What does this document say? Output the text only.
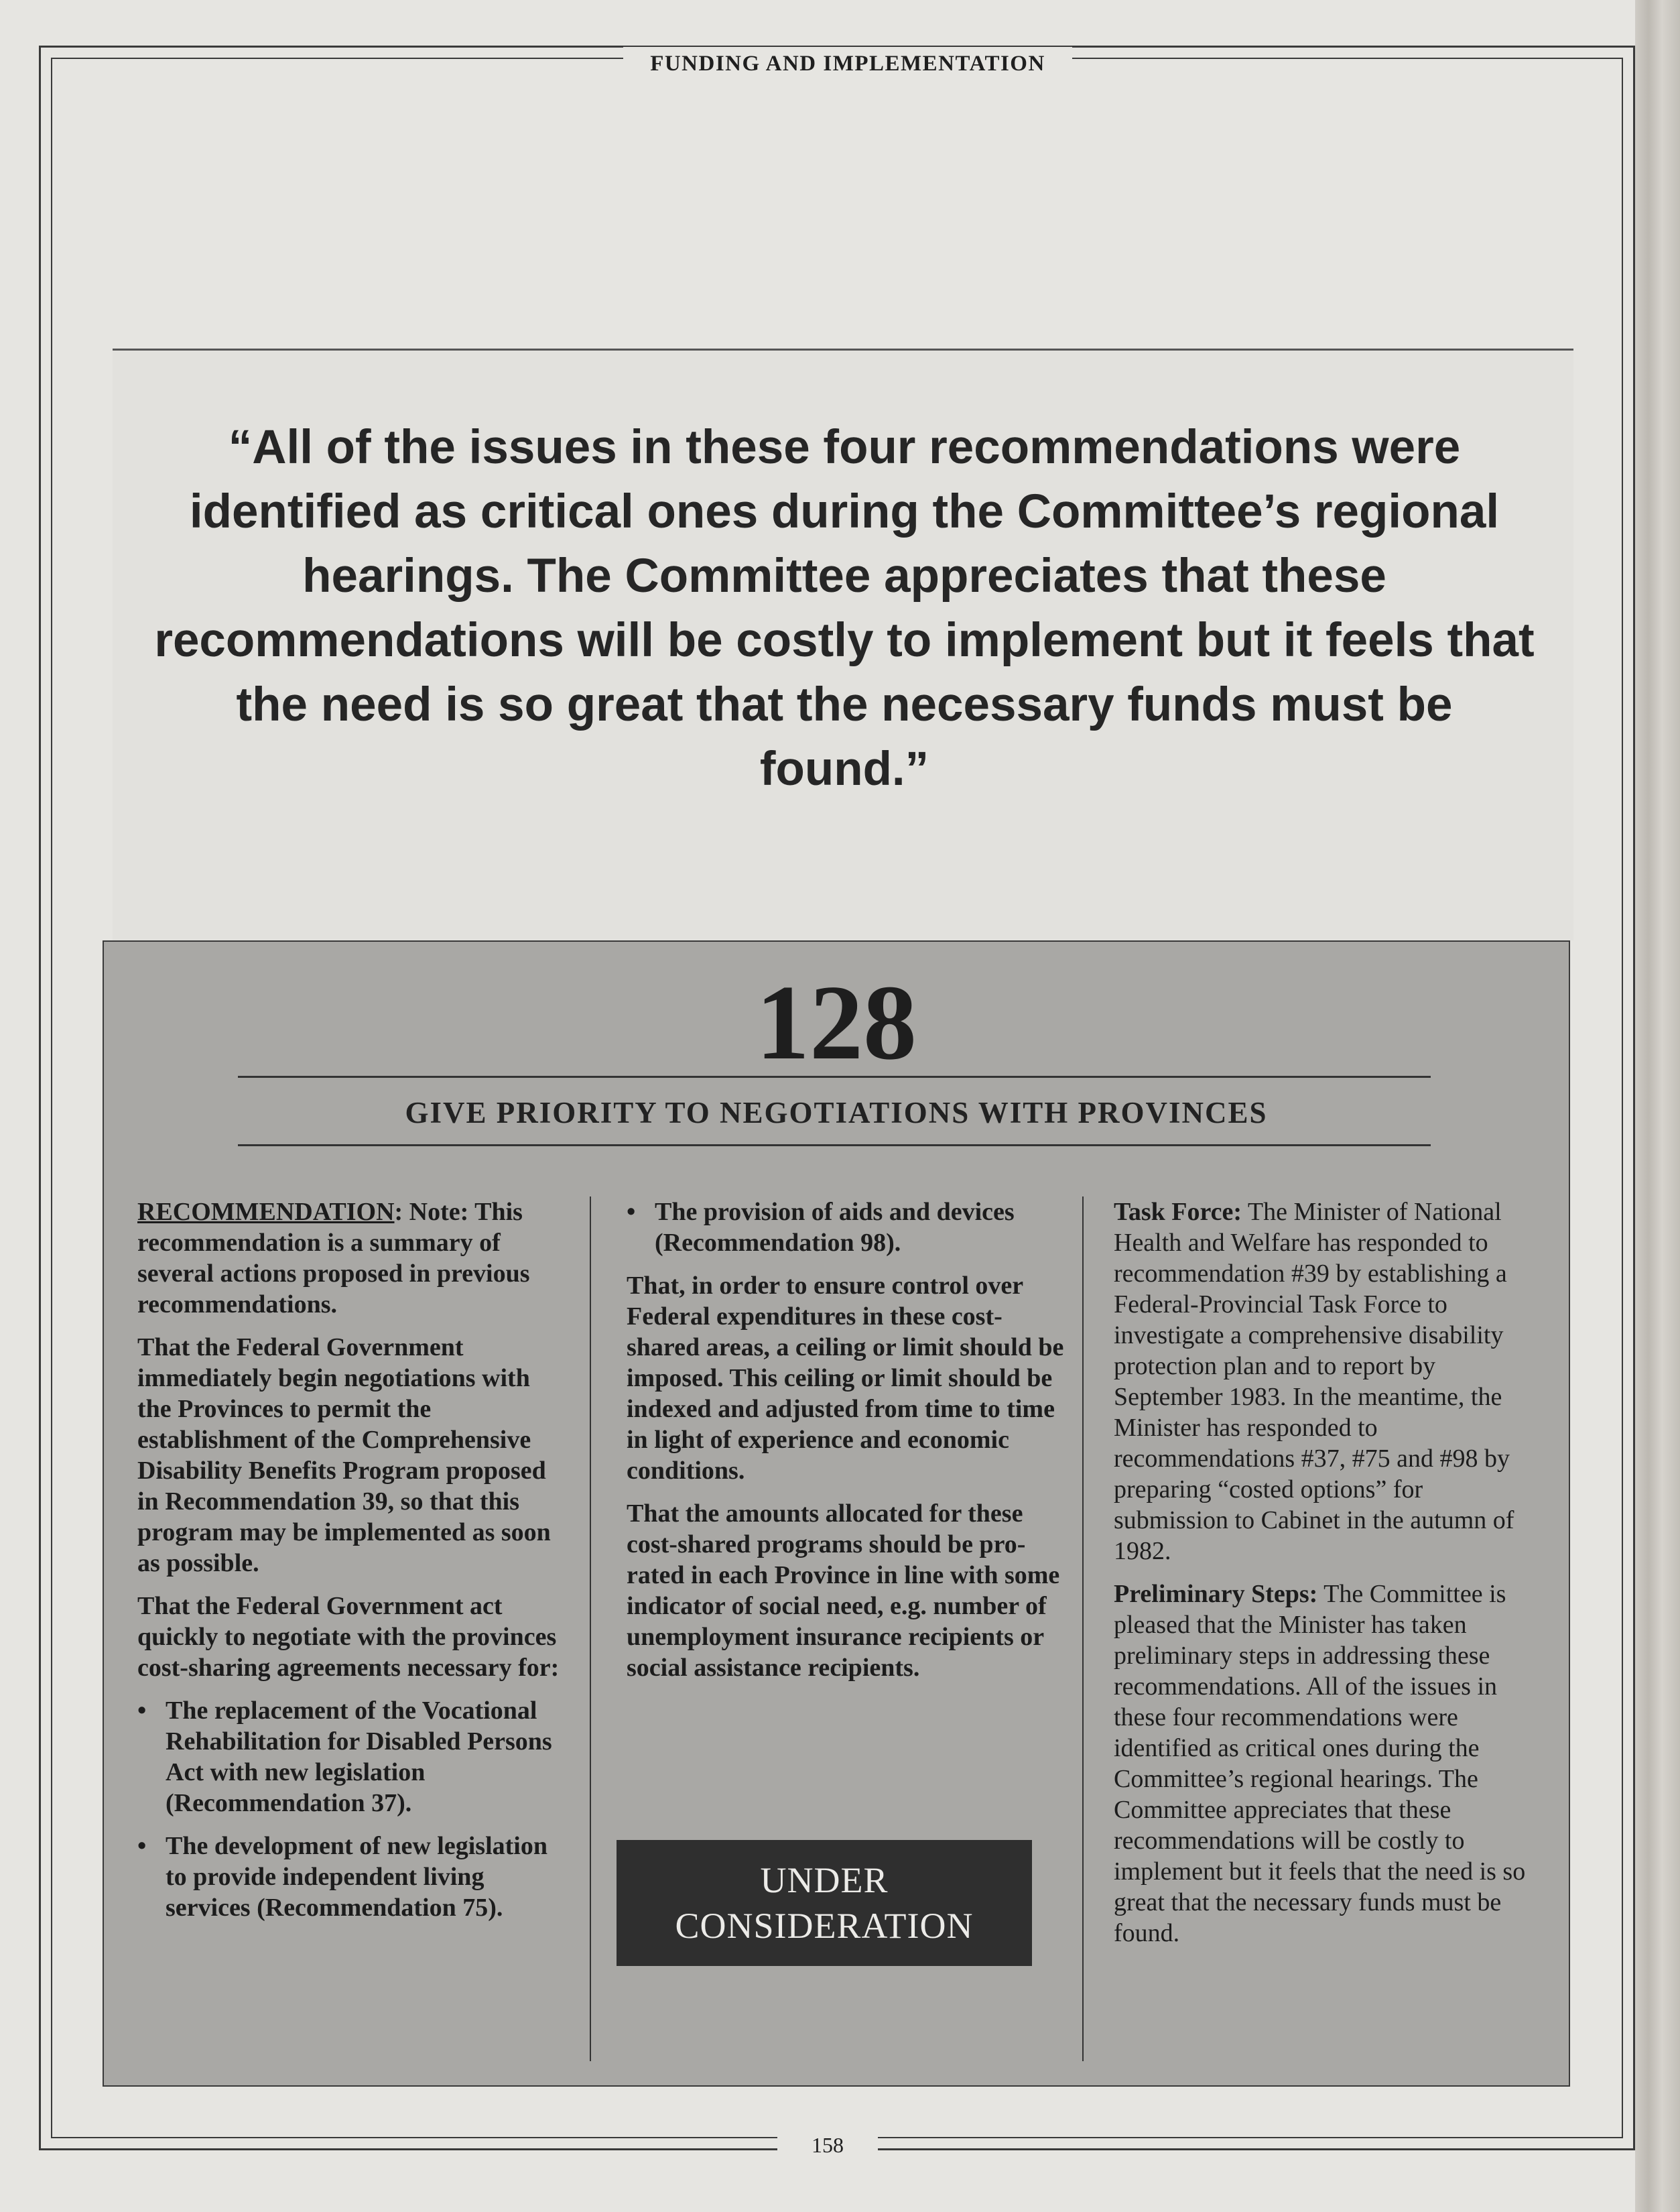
FUNDING AND IMPLEMENTATION

“All of the issues in these four recommendations were identified as critical ones during the Committee’s regional hearings. The Committee appreciates that these recommendations will be costly to implement but it feels that the need is so great that the necessary funds must be found.”

128
GIVE PRIORITY TO NEGOTIATIONS WITH PROVINCES

RECOMMENDATION: Note: This recommendation is a summary of several actions proposed in previous recommendations.

That the Federal Government immediately begin negotiations with the Provinces to permit the establishment of the Comprehensive Disability Benefits Program proposed in Recommendation 39, so that this program may be implemented as soon as possible.

That the Federal Government act quickly to negotiate with the provinces cost-sharing agreements necessary for:

• The replacement of the Vocational Rehabilitation for Disabled Persons Act with new legislation (Recommendation 37).
• The development of new legislation to provide independent living services (Recommendation 75).
• The provision of aids and devices (Recommendation 98).

That, in order to ensure control over Federal expenditures in these cost-shared areas, a ceiling or limit should be imposed. This ceiling or limit should be indexed and adjusted from time to time in light of experience and economic conditions.

That the amounts allocated for these cost-shared programs should be pro-rated in each Province in line with some indicator of social need, e.g. number of unemployment insurance recipients or social assistance recipients.

UNDER
CONSIDERATION

Task Force: The Minister of National Health and Welfare has responded to recommendation #39 by establishing a Federal-Provincial Task Force to investigate a comprehensive disability protection plan and to report by September 1983. In the meantime, the Minister has responded to recommendations #37, #75 and #98 by preparing “costed options” for submission to Cabinet in the autumn of 1982.

Preliminary Steps: The Committee is pleased that the Minister has taken preliminary steps in addressing these recommendations. All of the issues in these four recommendations were identified as critical ones during the Committee’s regional hearings. The Committee appreciates that these recommendations will be costly to implement but it feels that the need is so great that the necessary funds must be found.

158
